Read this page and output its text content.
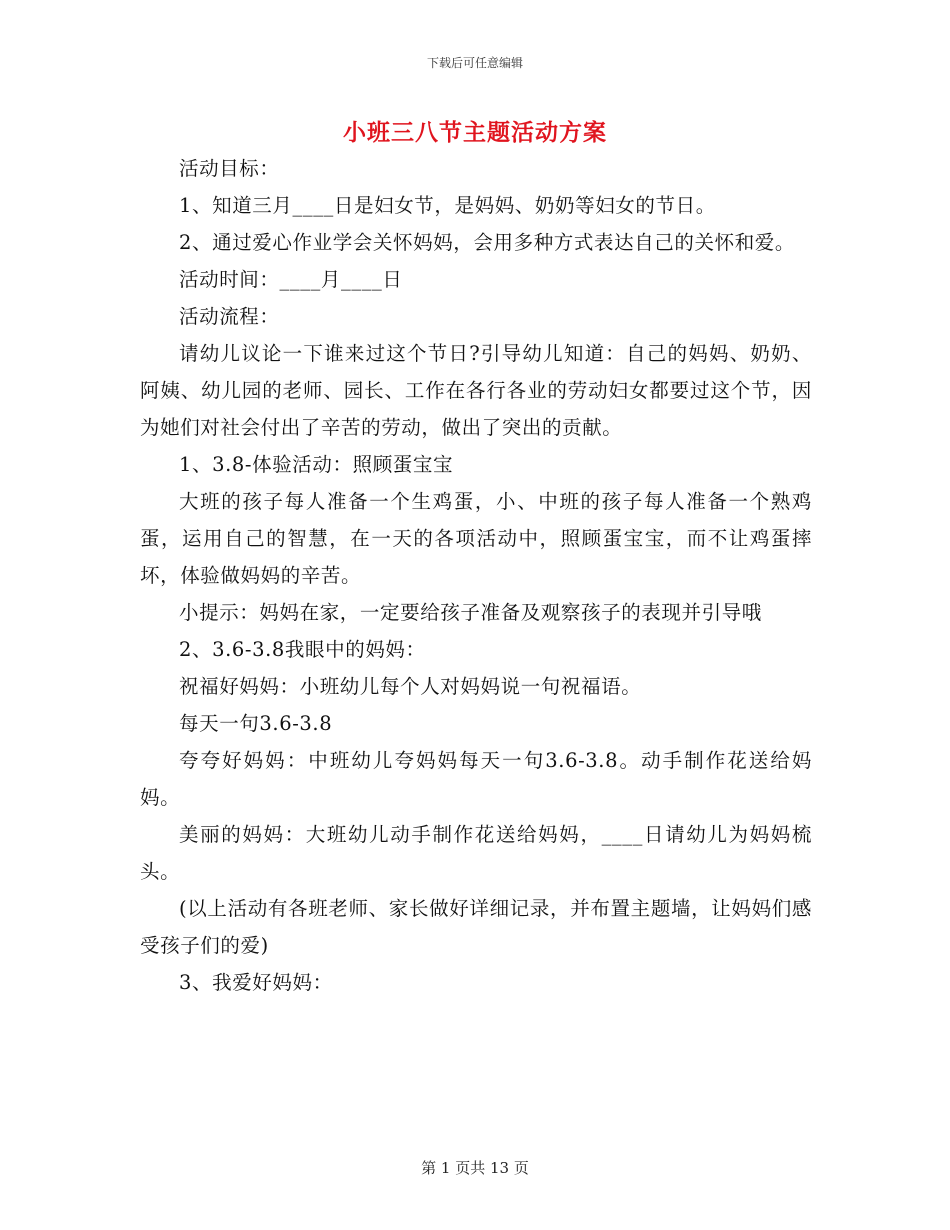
下载后可任意编辑
小班三八节主题活动方案

活动目标：

1、知道三月____日是妇女节，是妈妈、奶奶等妇女的节日。

2、通过爱心作业学会关怀妈妈，会用多种方式表达自己的关怀和爱。

活动时间：____月____日

活动流程：

请幼儿议论一下谁来过这个节日?引导幼儿知道：自己的妈妈、奶奶、阿姨、幼儿园的老师、园长、工作在各行各业的劳动妇女都要过这个节，因为她们对社会付出了辛苦的劳动，做出了突出的贡献。

1、3.8-体验活动：照顾蛋宝宝

大班的孩子每人准备一个生鸡蛋，小、中班的孩子每人准备一个熟鸡蛋，运用自己的智慧，在一天的各项活动中，照顾蛋宝宝，而不让鸡蛋摔坏，体验做妈妈的辛苦。

小提示：妈妈在家，一定要给孩子准备及观察孩子的表现并引导哦

2、3.6-3.8我眼中的妈妈：

祝福好妈妈：小班幼儿每个人对妈妈说一句祝福语。

每天一句3.6-3.8

夸夸好妈妈：中班幼儿夸妈妈每天一句3.6-3.8。动手制作花送给妈妈。

美丽的妈妈：大班幼儿动手制作花送给妈妈，____日请幼儿为妈妈梳头。

(以上活动有各班老师、家长做好详细记录，并布置主题墙，让妈妈们感受孩子们的爱)

3、我爱好妈妈：

第 1 页共 13 页
